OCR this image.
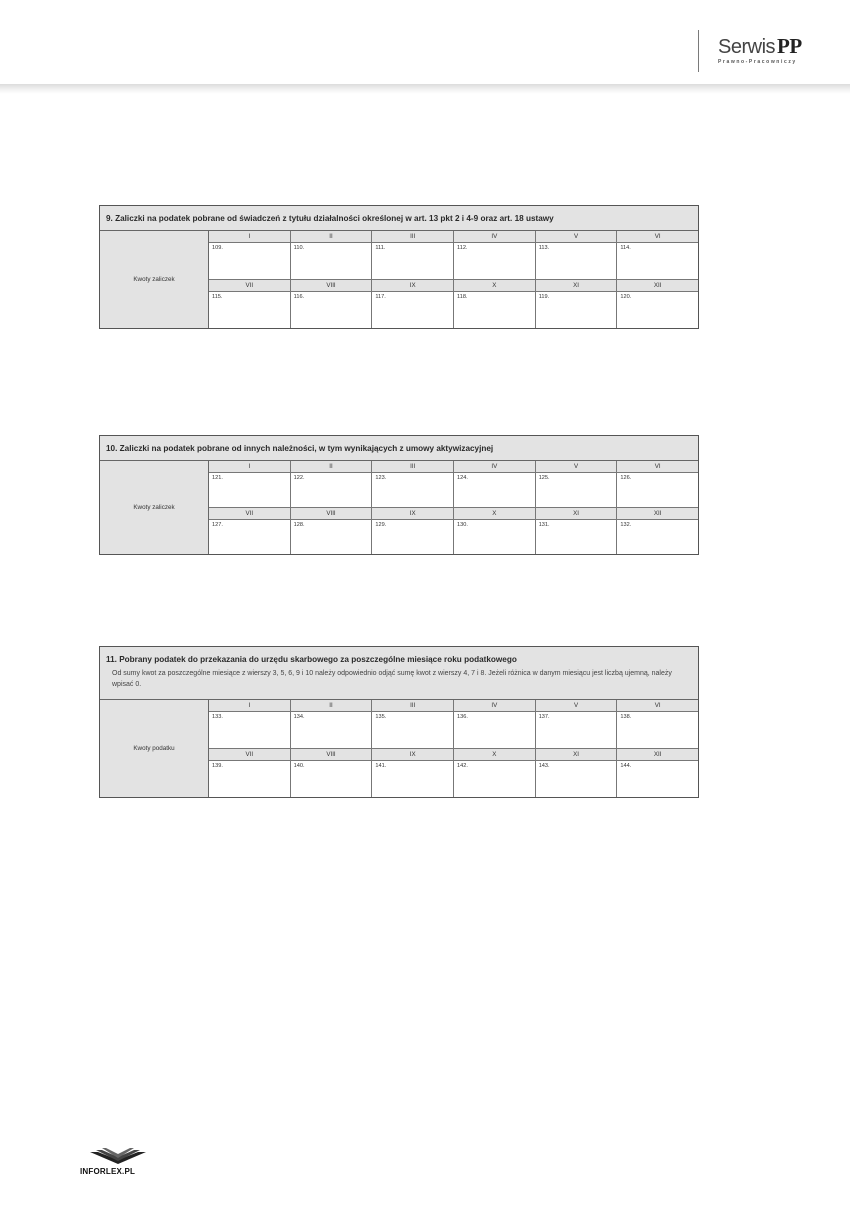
SerwisPP
Prawno-Pracowniczy
9. Zaliczki na podatek pobrane od świadczeń z tytułu działalności określonej w art. 13 pkt 2 i 4-9 oraz art. 18 ustawy
Kwoty zaliczek
I
109.
II
110.
III
111.
IV
112.
V
113.
VI
114.
VII
115.
VIII
116.
IX
117.
X
118.
XI
119.
XII
120.
10. Zaliczki na podatek pobrane od innych należności, w tym wynikających z umowy aktywizacyjnej
Kwoty zaliczek
I
121.
II
122.
III
123.
IV
124.
V
125.
VI
126.
VII
127.
VIII
128.
IX
129.
X
130.
XI
131.
XII
132.
11. Pobrany podatek do przekazania do urzędu skarbowego za poszczególne miesiące roku podatkowego
Od sumy kwot za poszczególne miesiące z wierszy 3, 5, 6, 9 i 10 należy odpowiednio odjąć sumę kwot z wierszy 4, 7 i 8. Jeżeli różnica w danym miesiącu jest liczbą ujemną, należy wpisać 0.
Kwoty podatku
I
133.
II
134.
III
135.
IV
136.
V
137.
VI
138.
VII
139.
VIII
140.
IX
141.
X
142.
XI
143.
XII
144.
INFORLEX.PL
